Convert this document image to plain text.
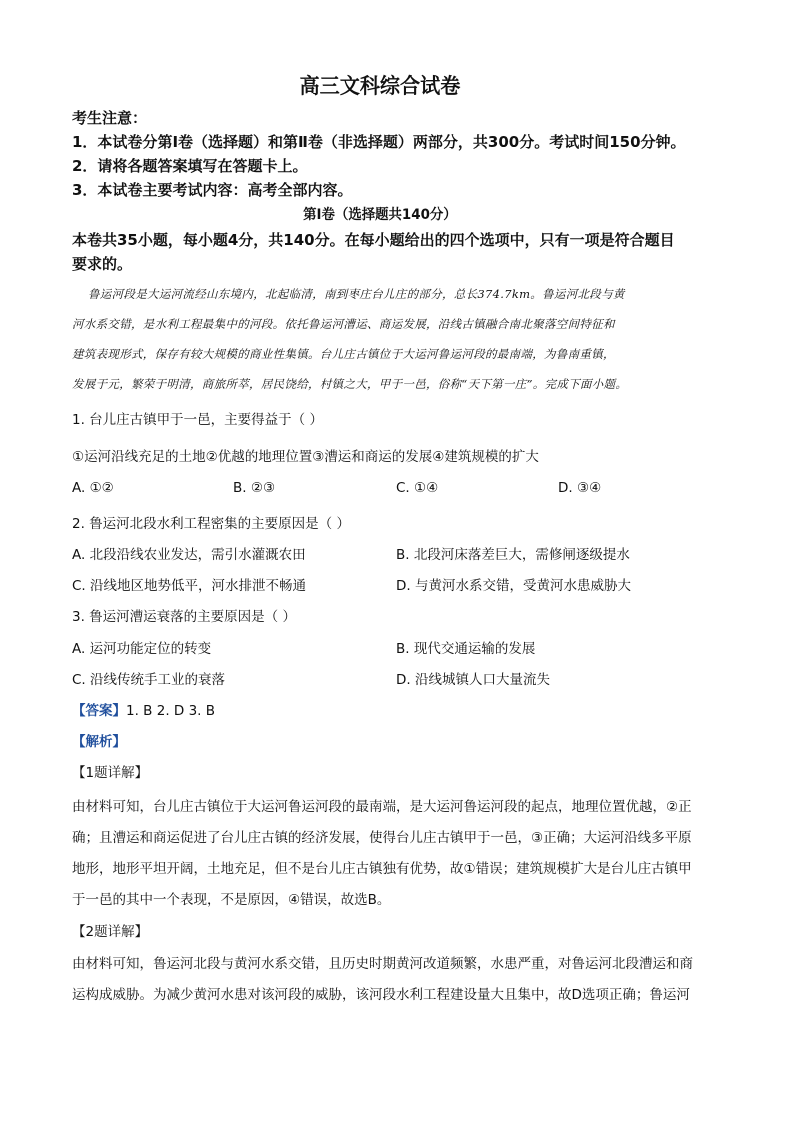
高三文科综合试卷
考生注意：
1．本试卷分第Ⅰ卷（选择题）和第Ⅱ卷（非选择题）两部分，共300分。考试时间150分钟。
2．请将各题答案填写在答题卡上。
3．本试卷主要考试内容：高考全部内容。
第Ⅰ卷（选择题共140分）
本卷共35小题，每小题4分，共140分。在每小题给出的四个选项中，只有一项是符合题目
要求的。
鲁运河段是大运河流经山东境内，北起临清，南到枣庄台儿庄的部分，总长374.7km。鲁运河北段与黄
河水系交错，是水利工程最集中的河段。依托鲁运河漕运、商运发展，沿线古镇融合南北聚落空间特征和
建筑表现形式，保存有较大规模的商业性集镇。台儿庄古镇位于大运河鲁运河段的最南端，为鲁南重镇，
发展于元，繁荣于明清，商旅所萃，居民饶给，村镇之大，甲于一邑，俗称“天下第一庄”。完成下面小题。
1. 台儿庄古镇甲于一邑，主要得益于（ ）
①运河沿线充足的土地②优越的地理位置③漕运和商运的发展④建筑规模的扩大
A. ①②	B. ②③	C. ①④	D. ③④
2. 鲁运河北段水利工程密集的主要原因是（ ）
A. 北段沿线农业发达，需引水灌溉农田	B. 北段河床落差巨大，需修闸逐级提水
C. 沿线地区地势低平，河水排泄不畅通	D. 与黄河水系交错，受黄河水患威胁大
3. 鲁运河漕运衰落的主要原因是（ ）
A. 运河功能定位的转变	B. 现代交通运输的发展
C. 沿线传统手工业的衰落	D. 沿线城镇人口大量流失
【答案】1. B 2. D 3. B
【解析】
【1题详解】
由材料可知，台儿庄古镇位于大运河鲁运河段的最南端，是大运河鲁运河段的起点，地理位置优越，②正
确；且漕运和商运促进了台儿庄古镇的经济发展，使得台儿庄古镇甲于一邑，③正确；大运河沿线多平原
地形，地形平坦开阔，土地充足，但不是台儿庄古镇独有优势，故①错误；建筑规模扩大是台儿庄古镇甲
于一邑的其中一个表现，不是原因，④错误，故选B。
【2题详解】
由材料可知，鲁运河北段与黄河水系交错，且历史时期黄河改道频繁，水患严重，对鲁运河北段漕运和商
运构成威胁。为减少黄河水患对该河段的威胁，该河段水利工程建设量大且集中，故D选项正确；鲁运河
